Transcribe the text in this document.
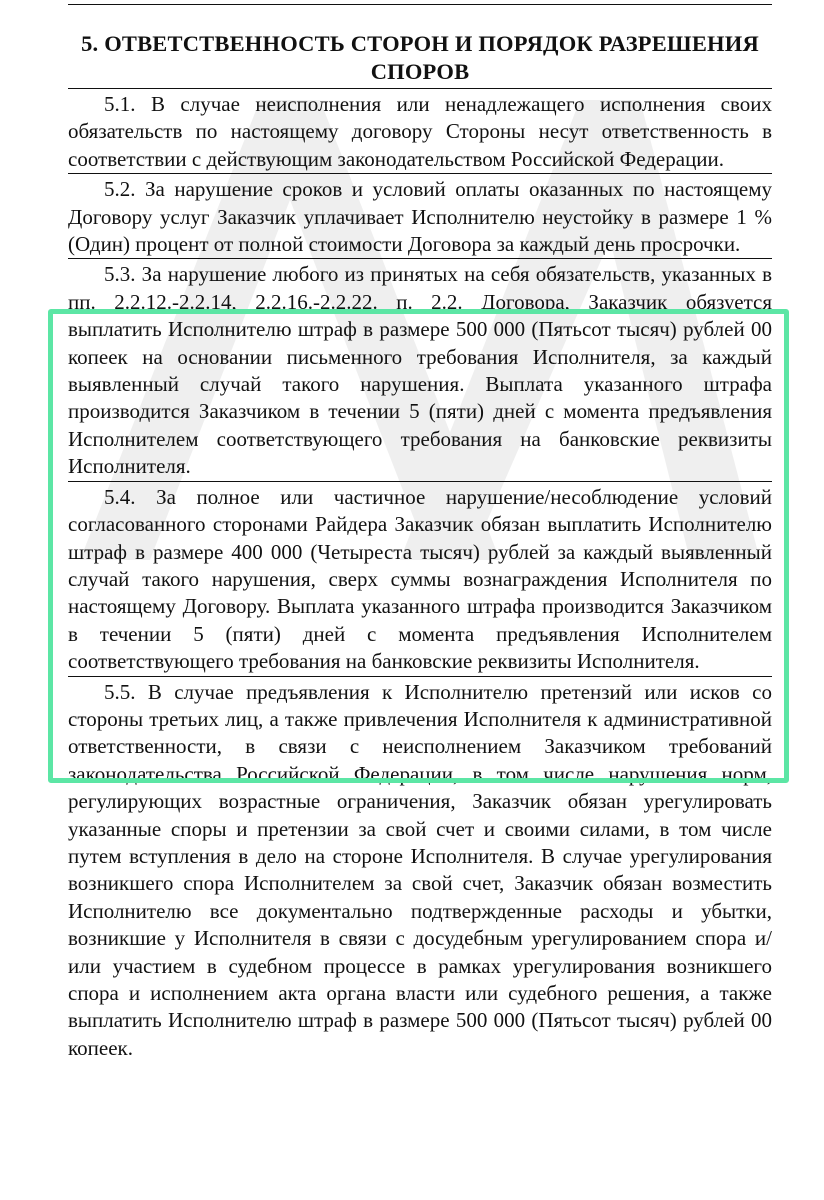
5. ОТВЕТСТВЕННОСТЬ СТОРОН И ПОРЯДОК РАЗРЕШЕНИЯ СПОРОВ

5.1. В случае неисполнения или ненадлежащего исполнения своих обязательств по настоящему договору Стороны несут ответственность в соответствии с действующим законодательством Российской Федерации.

5.2. За нарушение сроков и условий оплаты оказанных по настоящему Договору услуг Заказчик уплачивает Исполнителю неустойку в размере 1 % (Один) процент от полной стоимости Договора за каждый день просрочки.

5.3. За нарушение любого из принятых на себя обязательств, указанных в пп. 2.2.12.-2.2.14, 2.2.16.-2.2.22. п. 2.2. Договора, Заказчик обязуется выплатить Исполнителю штраф в размере 500 000 (Пятьсот тысяч) рублей 00 копеек на основании письменного требования Исполнителя, за каждый выявленный случай такого нарушения. Выплата указанного штрафа производится Заказчиком в течении 5 (пяти) дней с момента предъявления Исполнителем соответствующего требования на банковские реквизиты Исполнителя.

5.4. За полное или частичное нарушение/несоблюдение условий согласованного сторонами Райдера Заказчик обязан выплатить Исполнителю штраф в размере 400 000 (Четыреста тысяч) рублей за каждый выявленный случай такого нарушения, сверх суммы вознаграждения Исполнителя по настоящему Договору. Выплата указанного штрафа производится Заказчиком в течении 5 (пяти) дней с момента предъявления Исполнителем соответствующего требования на банковские реквизиты Исполнителя.

5.5. В случае предъявления к Исполнителю претензий или исков со стороны третьих лиц, а также привлечения Исполнителя к административной ответственности, в связи с неисполнением Заказчиком требований законодательства Российской Федерации, в том числе нарушения норм, регулирующих возрастные ограничения, Заказчик обязан урегулировать указанные споры и претензии за свой счет и своими силами, в том числе путем вступления в дело на стороне Исполнителя. В случае урегулирования возникшего спора Исполнителем за свой счет, Заказчик обязан возместить Исполнителю все документально подтвержденные расходы и убытки, возникшие у Исполнителя в связи с досудебным урегулированием спора и/или участием в судебном процессе в рамках урегулирования возникшего спора и исполнением акта органа власти или судебного решения, а также выплатить Исполнителю штраф в размере 500 000 (Пятьсот тысяч) рублей 00 копеек.
